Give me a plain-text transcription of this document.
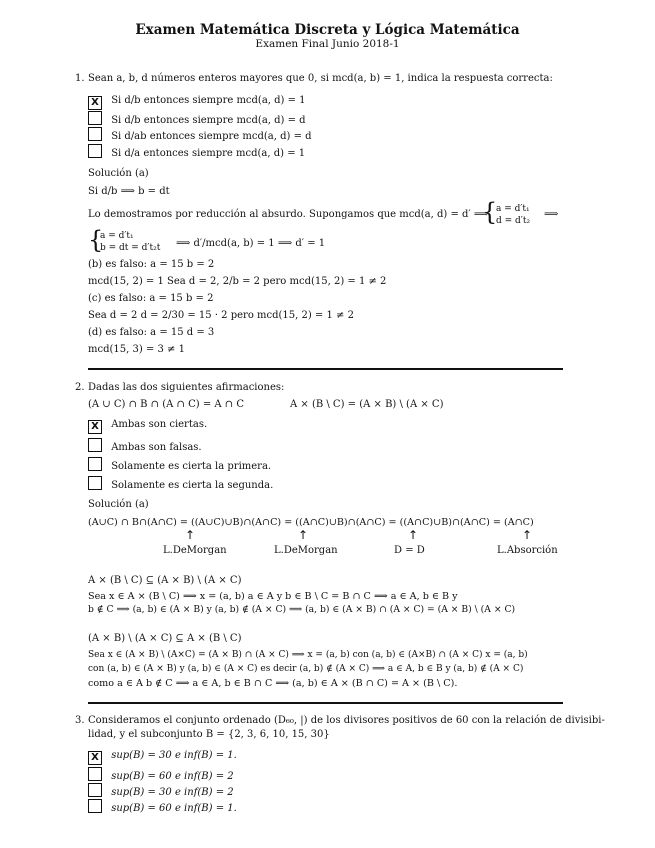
Examen Matemática Discreta y Lógica Matemática
Examen Final Junio 2018-1
1. Sean a, b, d números enteros mayores que 0, si mcd(a, b) = 1, indica la respuesta correcta:
X Si d/b entonces siempre mcd(a, d) = 1
Si d/b entonces siempre mcd(a, d) = d
Si d/ab entonces siempre mcd(a, d) = d
Si d/a entonces siempre mcd(a, d) = 1
Solución (a)
Si d/b ⟹ b = dt
Lo demostramos por reducción al absurdo. Supongamos que mcd(a, d) = d′ ⟹
{
a = d′t₁
d = d′t₂
⟹
{
a = d′t₁
b = dt = d′t₂t ⟹ d′/mcd(a, b) = 1 ⟹ d′ = 1
(b) es falso: a = 15 b = 2
mcd(15, 2) = 1 Sea d = 2, 2/b = 2 pero mcd(15, 2) = 1 ≠ 2
(c) es falso: a = 15 b = 2
Sea d = 2 d = 2/30 = 15 · 2 pero mcd(15, 2) = 1 ≠ 2
(d) es falso: a = 15 d = 3
mcd(15, 3) = 3 ≠ 1
2. Dadas las dos siguientes afirmaciones:
(A ∪ C) ∩ B ∩ (A ∩ C) = A ∩ C	A × (B \ C) = (A × B) \ (A × C)
X Ambas son ciertas.
Ambas son falsas.
Solamente es cierta la primera.
Solamente es cierta la segunda.
Solución (a)
(A∪C) ∩ B∩(A∩C) = ((A∪C)∪B)∩(A∩C) = ((A∩C)∪B)∩(A∩C) = ((A∩C)∪B)∩(A∩C) = (A∩C)
↑	↑	↑	↑
L.DeMorgan	L.DeMorgan	D = D	L.Absorción
A × (B \ C) ⊆ (A × B) \ (A × C)
Sea x ∈ A × (B \ C) ⟹ x = (a, b) a ∈ A y b ∈ B \ C = B ∩ C ⟹ a ∈ A, b ∈ B y
b ∉ C ⟹ (a, b) ∈ (A × B) y (a, b) ∉ (A × C) ⟹ (a, b) ∈ (A × B) ∩ (A × C) = (A × B) \ (A × C)
(A × B) \ (A × C) ⊆ A × (B \ C)
Sea x ∈ (A × B) \ (A×C) = (A × B) ∩ (A × C) ⟹ x = (a, b) con (a, b) ∈ (A×B) ∩ (A × C) x = (a, b)
con (a, b) ∈ (A × B) y (a, b) ∈ (A × C) es decir (a, b) ∉ (A × C) ⟹ a ∈ A, b ∈ B y (a, b) ∉ (A × C)
como a ∈ A b ∉ C ⟹ a ∈ A, b ∈ B ∩ C ⟹ (a, b) ∈ A × (B ∩ C) = A × (B \ C).
3. Consideramos el conjunto ordenado (D₆₀, |) de los divisores positivos de 60 con la relación de divisibi-
lidad, y el subconjunto B = {2, 3, 6, 10, 15, 30}
X sup(B) = 30 e inf(B) = 1.
sup(B) = 60 e inf(B) = 2
sup(B) = 30 e inf(B) = 2
sup(B) = 60 e inf(B) = 1.
